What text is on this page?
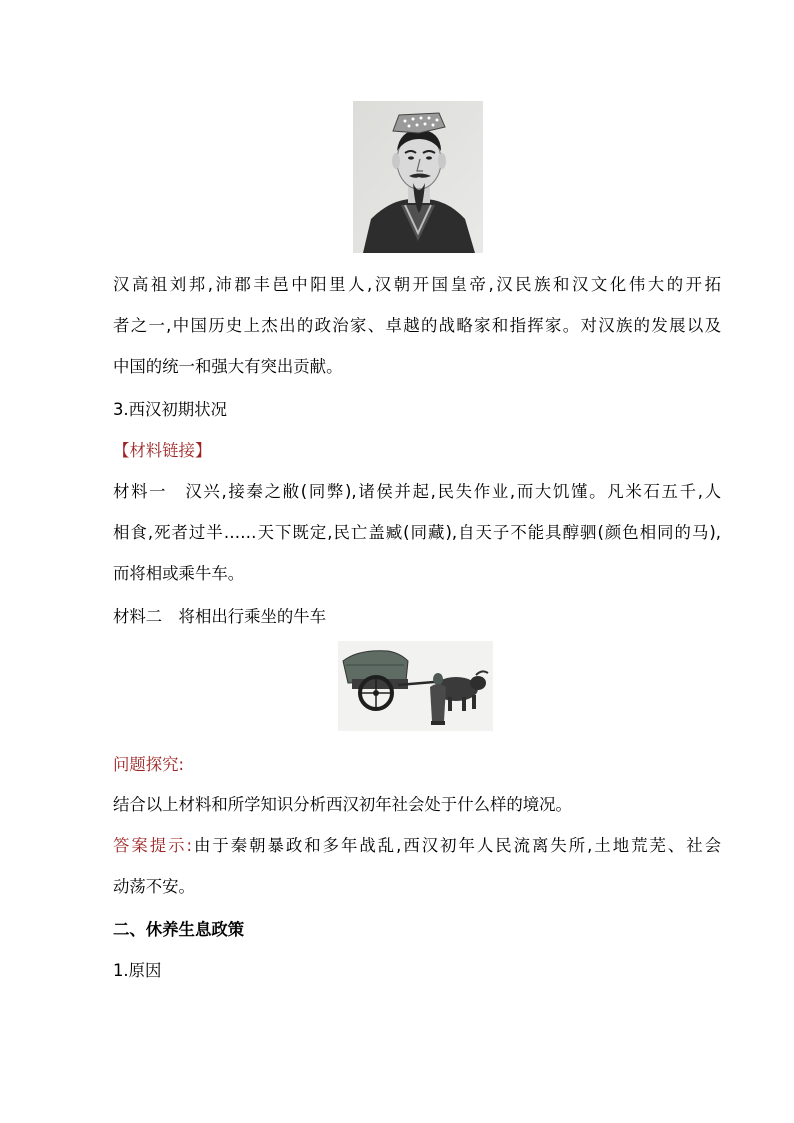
汉高祖刘邦,沛郡丰邑中阳里人,汉朝开国皇帝,汉民族和汉文化伟大的开拓

者之一,中国历史上杰出的政治家、卓越的战略家和指挥家。对汉族的发展以及

中国的统一和强大有突出贡献。

3.西汉初期状况
【材料链接】

材料一　汉兴,接秦之敝(同弊),诸侯并起,民失作业,而大饥馑。凡米石五千,人

相食,死者过半……天下既定,民亡盖臧(同藏),自天子不能具醇驷(颜色相同的马),

而将相或乘牛车。

材料二　将相出行乘坐的牛车
问题探究:
结合以上材料和所学知识分析西汉初年社会处于什么样的境况。

答案提示:由于秦朝暴政和多年战乱,西汉初年人民流离失所,土地荒芜、社会

动荡不安。

二、休养生息政策
1.原因
